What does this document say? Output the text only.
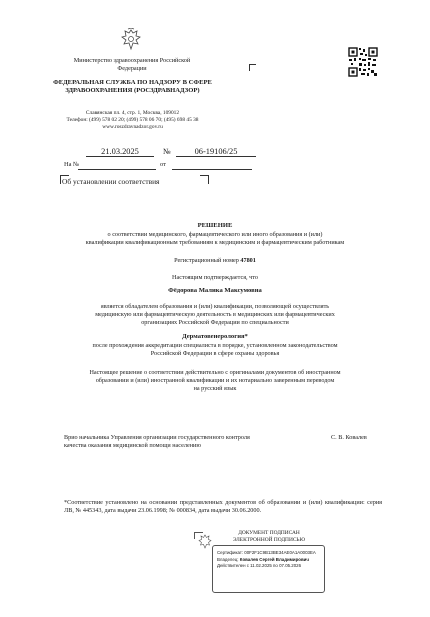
Министерство здравоохранения Российской Федерации
ФЕДЕРАЛЬНАЯ СЛУЖБА ПО НАДЗОРУ В СФЕРЕ ЗДРАВООХРАНЕНИЯ (РОСЗДРАВНАДЗОР)
Славянская пл. 4, стр. 1, Москва, 109012
Телефон: (499) 578 02 20; (499) 578 06 70; (495) 698 45 38
www.roszdravnadzor.gov.ru
21.03.2025	№	06-19106/25
На №	от
Об установлении соответствия
РЕШЕНИЕ
о соответствии медицинского, фармацевтического или иного образования и (или)
квалификации квалификационным требованиям к медицинским и фармацевтическим работникам
Регистрационный номер 47801
Настоящим подтверждается, что
Фёдорова Малика Максумовна
является обладателем образования и (или) квалификации, позволяющей осуществлять
медицинскую или фармацевтическую деятельность в медицинских или фармацевтических
организациях Российской Федерации по специальности
Дерматовенерология*
после прохождения аккредитации специалиста в порядке, установленном законодательством
Российской Федерации в сфере охраны здоровья
Настоящее решение о соответствии действительно с оригиналами документов об иностранном
образовании и (или) иностранной квалификации и их нотариально заверенным переводом
на русский язык
Врио начальника Управления организации государственного контроля
качества оказания медицинской помощи населению
С. В. Ковалев
*Соответствие установлено на основании представленных документов об образовании и (или) квалификации: серия ЛВ, № 445343, дата выдачи 23.06.1998; № 000834, дата выдачи 30.06.2000.
ДОКУМЕНТ ПОДПИСАН
ЭЛЕКТРОННОЙ ПОДПИСЬЮ
Сертификат: 00F2F1C9B13BE34AE0A1A0003EA
Владелец: Ковалев Сергей Владимирович
Действителен с 11.02.2025 по 07.05.2026
